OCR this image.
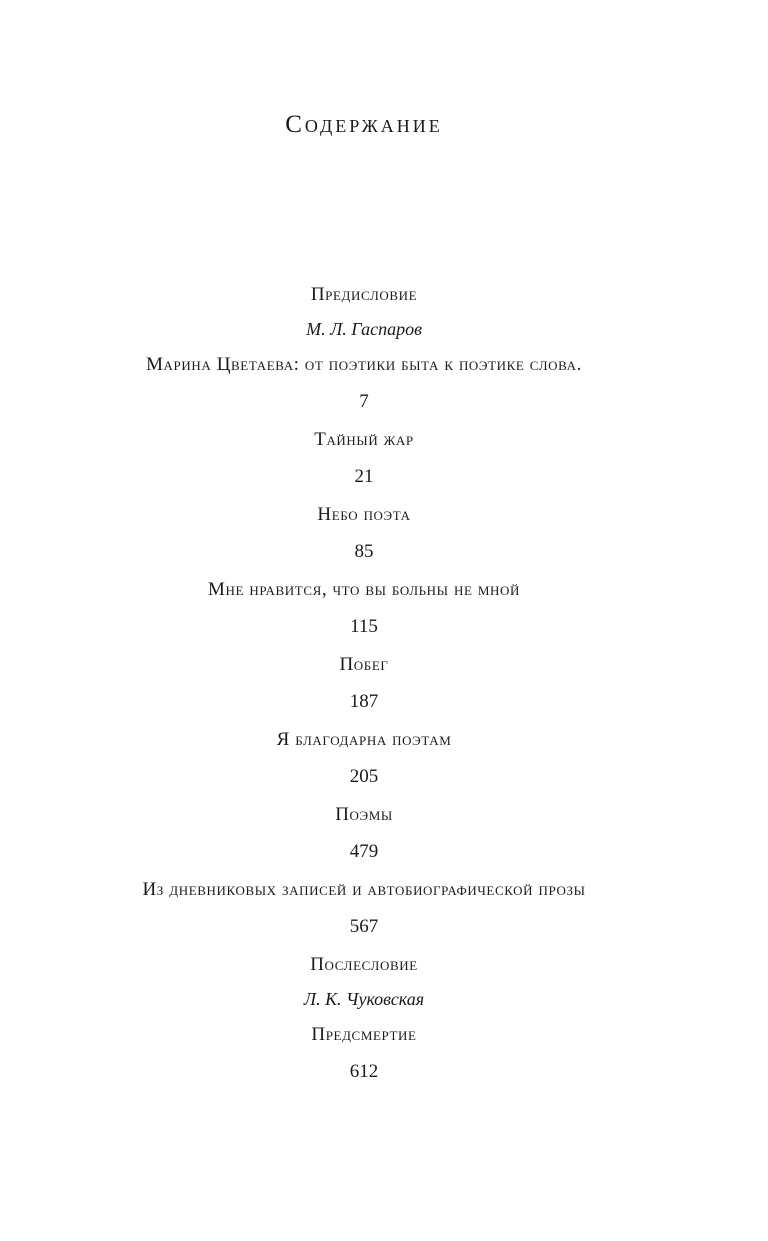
Содержание
Предисловие
М. Л. Гаспаров
Марина Цветаева: от поэтики быта к поэтике слова.
7
Тайный жар
21
Небо поэта
85
Мне нравится, что вы больны не мной
115
Побег
187
Я благодарна поэтам
205
Поэмы
479
Из дневниковых записей и автобиографической прозы
567
Послесловие
Л. К. Чуковская
Предсмертие
612
